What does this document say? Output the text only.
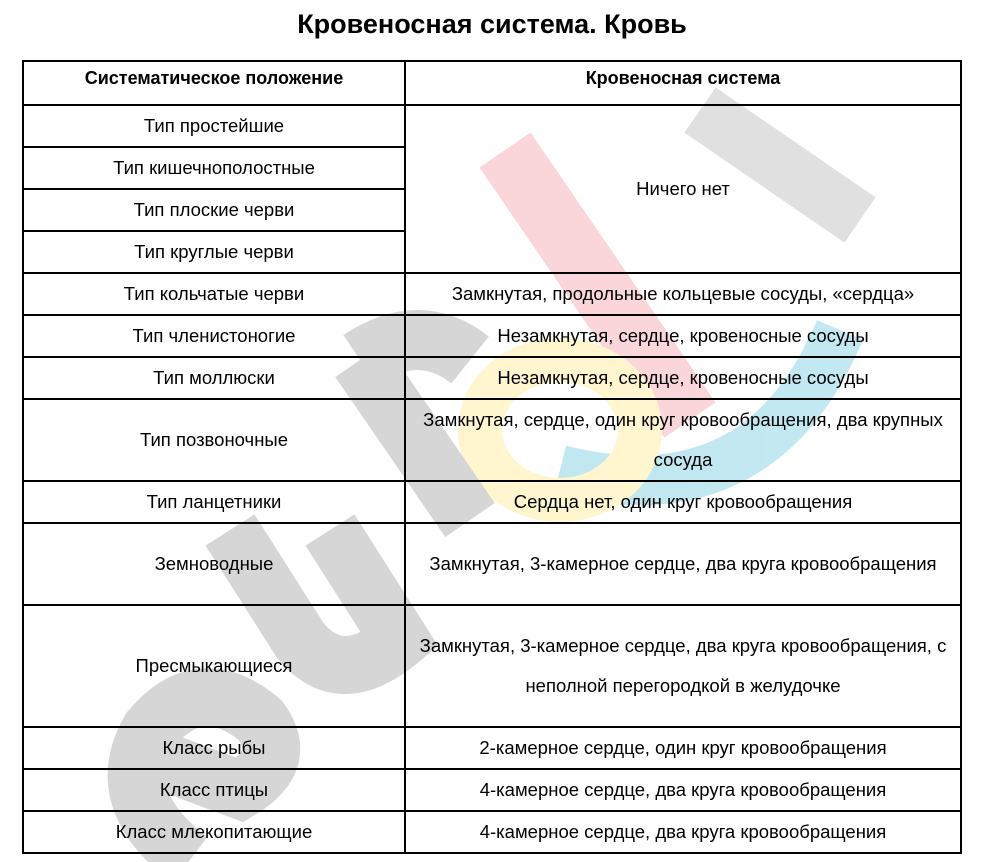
Кровеносная система. Кровь
Систематическое положение	Кровеносная система
Тип простейшие	Ничего нет
Тип кишечнополостные	
Тип плоские черви	
Тип круглые черви	
Тип кольчатые черви	Замкнутая, продольные кольцевые сосуды, «сердца»
Тип членистоногие	Незамкнутая, сердце, кровеносные сосуды
Тип моллюски	Незамкнутая, сердце, кровеносные сосуды
Тип позвоночные	Замкнутая, сердце, один круг кровообращения, два крупных сосуда
Тип ланцетники	Сердца нет, один круг кровообращения
Земноводные	Замкнутая, 3-камерное сердце, два круга кровообращения
Пресмыкающиеся	Замкнутая, 3-камерное сердце, два круга кровообращения, с неполной перегородкой в желудочке
Класс рыбы	2-камерное сердце, один круг кровообращения
Класс птицы	4-камерное сердце, два круга кровообращения
Класс млекопитающие	4-камерное сердце, два круга кровообращения
